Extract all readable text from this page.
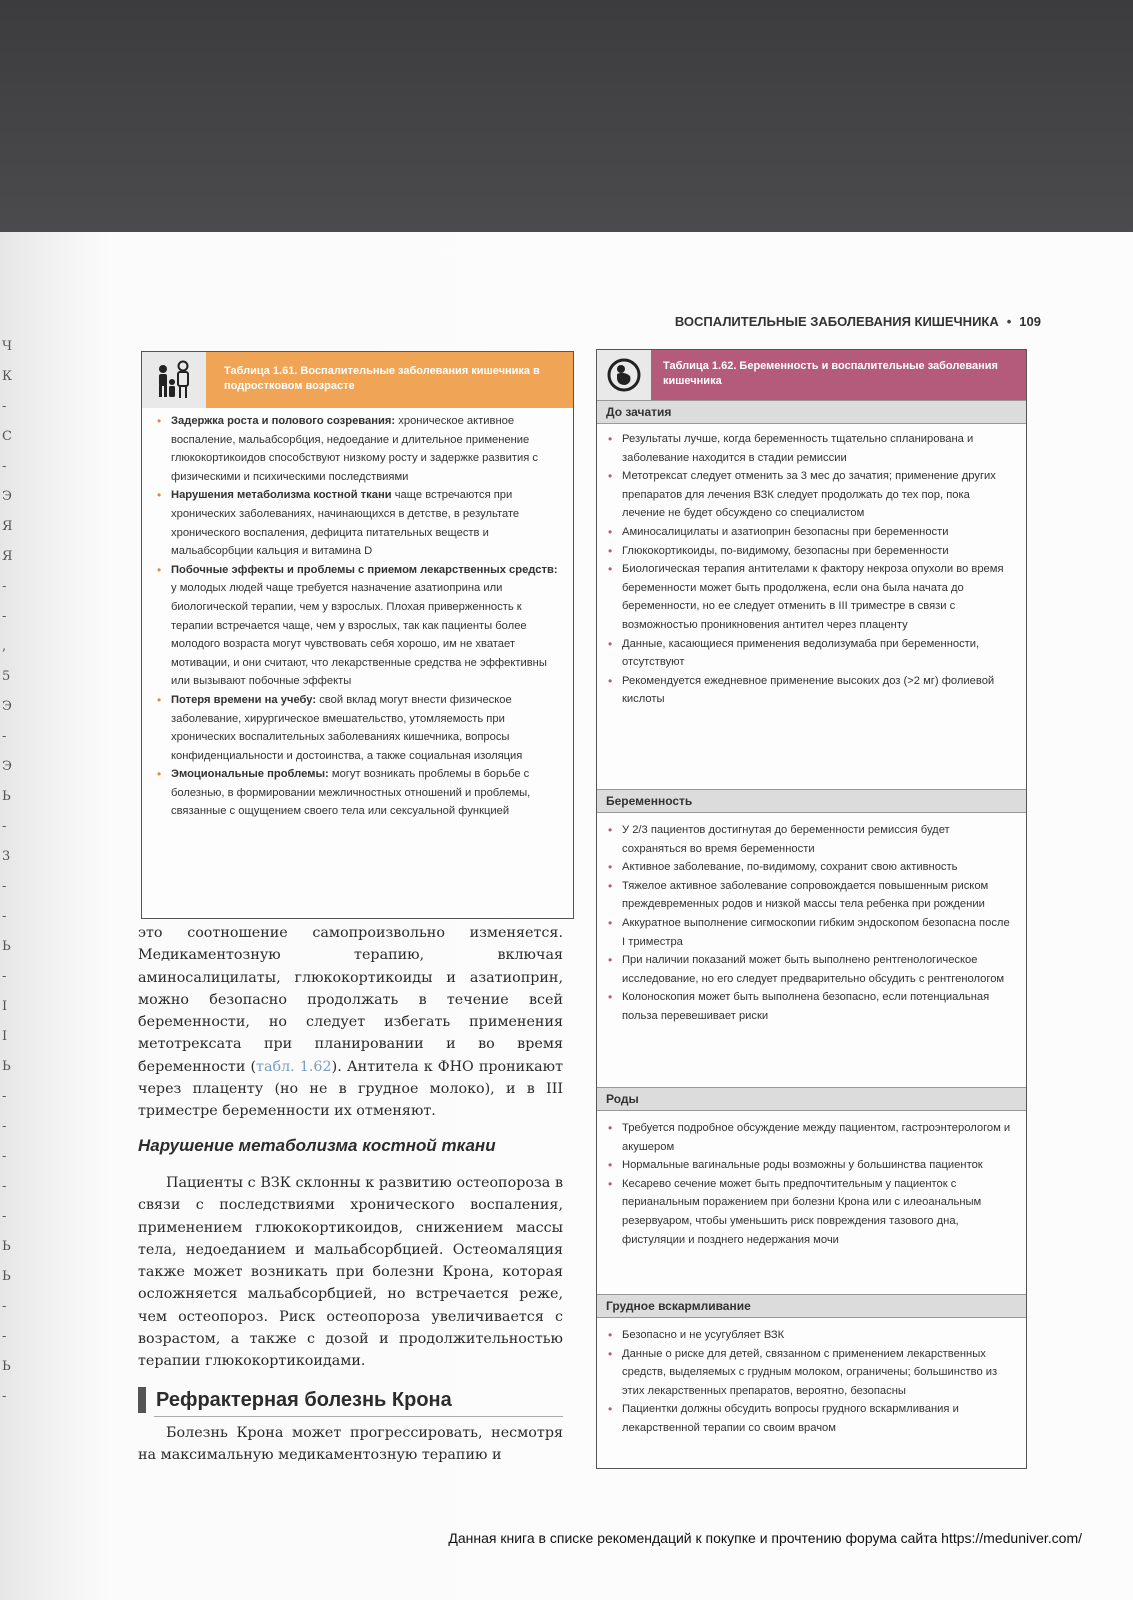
Ч
К
-
С
-
Э
Я
Я
-
-
,
5
Э
-
Э
Ь
-
3
-
-
Ь
-
I
I
Ь
-
-
-
-
-
Ь
Ь
-
-
Ь
-
ВОСПАЛИТЕЛЬНЫЕ ЗАБОЛЕВАНИЯ КИШЕЧНИКА • 109
Таблица 1.61. Воспалительные заболевания кишечника в подростковом возрасте
• Задержка роста и полового созревания: хроническое активное воспаление, мальабсорбция, недоедание и длительное применение глюкокортикоидов способствуют низкому росту и задержке развития с физическими и психическими последствиями
• Нарушения метаболизма костной ткани чаще встречаются при хронических заболеваниях, начинающихся в детстве, в результате хронического воспаления, дефицита питательных веществ и мальабсорбции кальция и витамина D
• Побочные эффекты и проблемы с приемом лекарственных средств: у молодых людей чаще требуется назначение азатиоприна или биологической терапии, чем у взрослых. Плохая приверженность к терапии встречается чаще, чем у взрослых, так как пациенты более молодого возраста могут чувствовать себя хорошо, им не хватает мотивации, и они считают, что лекарственные средства не эффективны или вызывают побочные эффекты
• Потеря времени на учебу: свой вклад могут внести физическое заболевание, хирургическое вмешательство, утомляемость при хронических воспалительных заболеваниях кишечника, вопросы конфиденциальности и достоинства, а также социальная изоляция
• Эмоциональные проблемы: могут возникать проблемы в борьбе с болезнью, в формировании межличностных отношений и проблемы, связанные с ощущением своего тела или сексуальной функцией

это соотношение самопроизвольно изменяется. Медикаментозную терапию, включая аминосалицилаты, глюкокортикоиды и азатиоприн, можно безопасно продолжать в течение всей беременности, но следует избегать применения метотрексата при планировании и во время беременности (табл. 1.62). Антитела к ФНО проникают через плаценту (но не в грудное молоко), и в III триместре беременности их отменяют.

Нарушение метаболизма костной ткани

Пациенты с ВЗК склонны к развитию остеопороза в связи с последствиями хронического воспаления, применением глюкокортикоидов, снижением массы тела, недоеданием и мальабсорбцией. Остеомаляция также может возникать при болезни Крона, которая осложняется мальабсорбцией, но встречается реже, чем остеопороз. Риск остеопороза увеличивается с возрастом, а также с дозой и продолжительностью терапии глюкокортикоидами.

Рефрактерная болезнь Крона

Болезнь Крона может прогрессировать, несмотря на максимальную медикаментозную терапию и

Таблица 1.62. Беременность и воспалительные заболевания кишечника
До зачатия
• Результаты лучше, когда беременность тщательно спланирована и заболевание находится в стадии ремиссии
• Метотрексат следует отменить за 3 мес до зачатия; применение других препаратов для лечения ВЗК следует продолжать до тех пор, пока лечение не будет обсуждено со специалистом
• Аминосалицилаты и азатиоприн безопасны при беременности
• Глюкокортикоиды, по-видимому, безопасны при беременности
• Биологическая терапия антителами к фактору некроза опухоли во время беременности может быть продолжена, если она была начата до беременности, но ее следует отменить в III триместре в связи с возможностью проникновения антител через плаценту
• Данные, касающиеся применения ведолизумаба при беременности, отсутствуют
• Рекомендуется ежедневное применение высоких доз (>2 мг) фолиевой кислоты
Беременность
• У 2/3 пациентов достигнутая до беременности ремиссия будет сохраняться во время беременности
• Активное заболевание, по-видимому, сохранит свою активность
• Тяжелое активное заболевание сопровождается повышенным риском преждевременных родов и низкой массы тела ребенка при рождении
• Аккуратное выполнение сигмоскопии гибким эндоскопом безопасна после I триместра
• При наличии показаний может быть выполнено рентгенологическое исследование, но его следует предварительно обсудить с рентгенологом
• Колоноскопия может быть выполнена безопасно, если потенциальная польза перевешивает риски
Роды
• Требуется подробное обсуждение между пациентом, гастроэнтерологом и акушером
• Нормальные вагинальные роды возможны у большинства пациенток
• Кесарево сечение может быть предпочтительным у пациенток с перианальным поражением при болезни Крона или с илеоанальным резервуаром, чтобы уменьшить риск повреждения тазового дна, фистуляции и позднего недержания мочи
Грудное вскармливание
• Безопасно и не усугубляет ВЗК
• Данные о риске для детей, связанном с применением лекарственных средств, выделяемых с грудным молоком, ограничены; большинство из этих лекарственных препаратов, вероятно, безопасны
• Пациентки должны обсудить вопросы грудного вскармливания и лекарственной терапии со своим врачом
Данная книга в списке рекомендаций к покупке и прочтению форума сайта https://meduniver.com/
